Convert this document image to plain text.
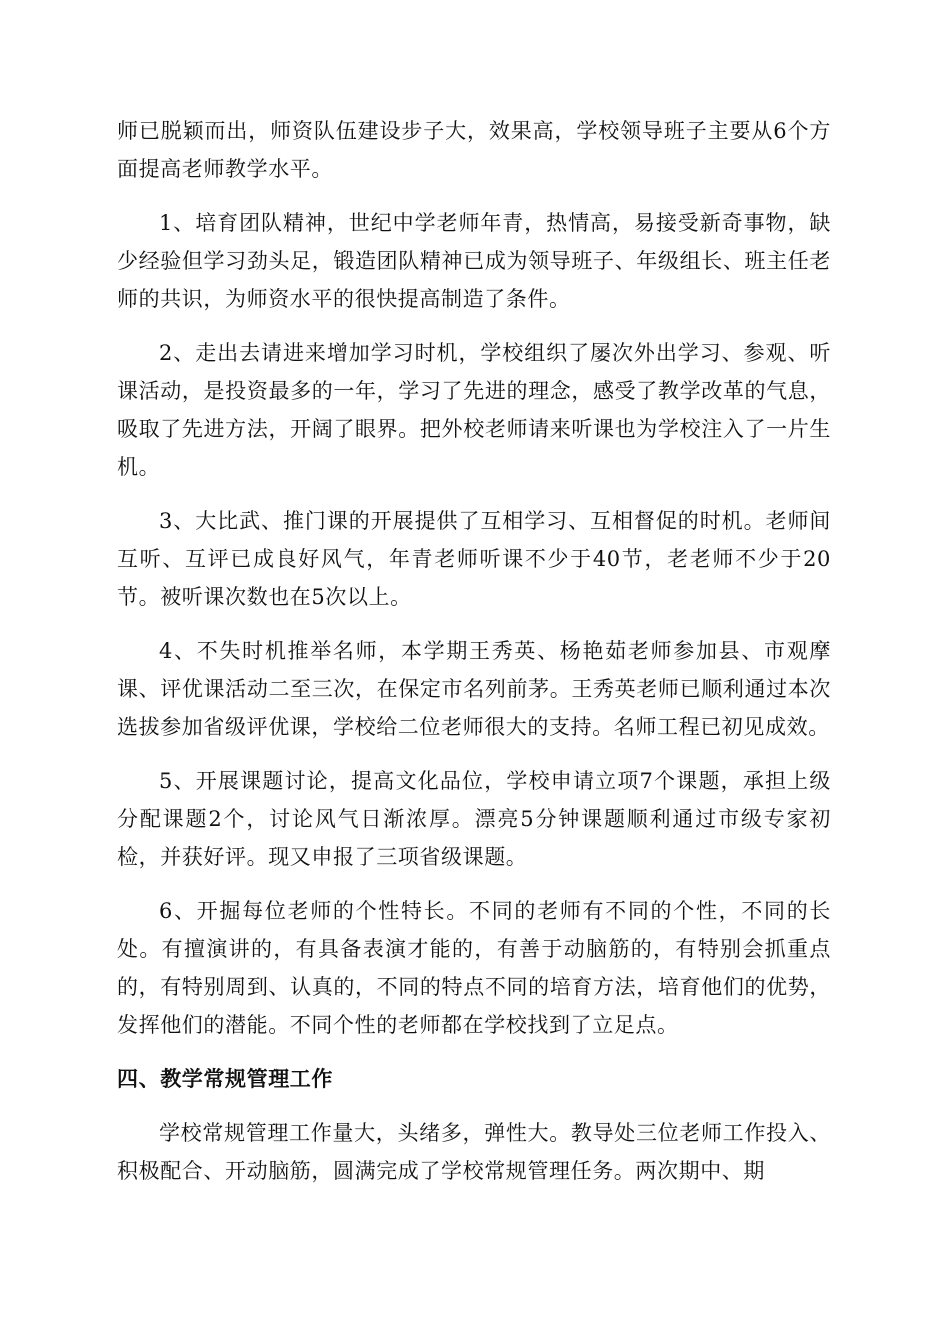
师已脱颖而出，师资队伍建设步子大，效果高，学校领导班子主要从6个方面提高老师教学水平。

1、培育团队精神，世纪中学老师年青，热情高，易接受新奇事物，缺少经验但学习劲头足，锻造团队精神已成为领导班子、年级组长、班主任老师的共识，为师资水平的很快提高制造了条件。

2、走出去请进来增加学习时机，学校组织了屡次外出学习、参观、听课活动，是投资最多的一年，学习了先进的理念，感受了教学改革的气息，吸取了先进方法，开阔了眼界。把外校老师请来听课也为学校注入了一片生机。

3、大比武、推门课的开展提供了互相学习、互相督促的时机。老师间互听、互评已成良好风气，年青老师听课不少于40节，老老师不少于20节。被听课次数也在5次以上。

4、不失时机推举名师，本学期王秀英、杨艳茹老师参加县、市观摩课、评优课活动二至三次，在保定市名列前茅。王秀英老师已顺利通过本次选拔参加省级评优课，学校给二位老师很大的支持。名师工程已初见成效。

5、开展课题讨论，提高文化品位，学校申请立项7个课题，承担上级分配课题2个，讨论风气日渐浓厚。漂亮5分钟课题顺利通过市级专家初检，并获好评。现又申报了三项省级课题。

6、开掘每位老师的个性特长。不同的老师有不同的个性，不同的长处。有擅演讲的，有具备表演才能的，有善于动脑筋的，有特别会抓重点的，有特别周到、认真的，不同的特点不同的培育方法，培育他们的优势，发挥他们的潜能。不同个性的老师都在学校找到了立足点。

四、教学常规管理工作

学校常规管理工作量大，头绪多，弹性大。教导处三位老师工作投入、积极配合、开动脑筋，圆满完成了学校常规管理任务。两次期中、期
